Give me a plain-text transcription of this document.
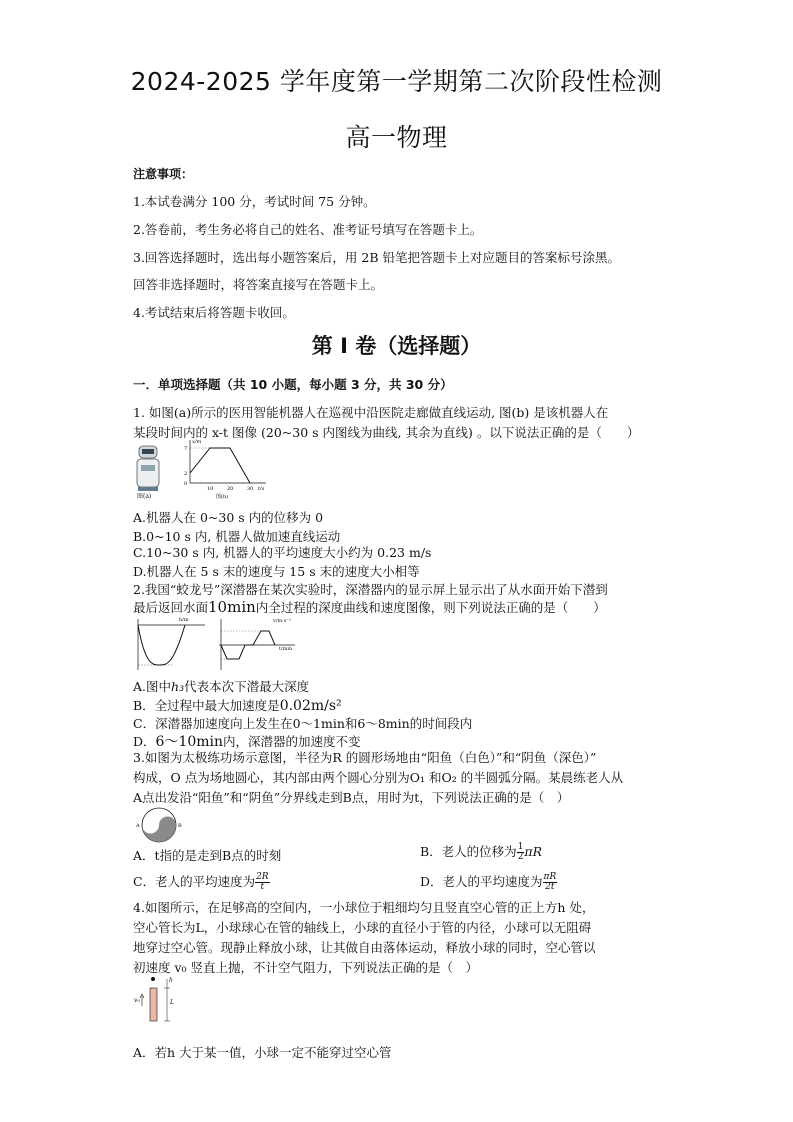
2024-2025 学年度第一学期第二次阶段性检测
高一物理
注意事项：
1.本试卷满分 100 分，考试时间 75 分钟。
2.答卷前，考生务必将自己的姓名、准考证号填写在答题卡上。
3.回答选择题时，选出每小题答案后，用 2B 铅笔把答题卡上对应题目的答案标号涂黑。
回答非选择题时，将答案直接写在答题卡上。
4.考试结束后将答题卡收回。
第 Ⅰ 卷（选择题）
一．单项选择题（共 10 小题，每小题 3 分，共 30 分）
1. 如图(a)所示的医用智能机器人在巡视中沿医院走廊做直线运动, 图(b) 是该机器人在
某段时间内的 x-t 图像 (20~30 s 内图线为曲线, 其余为直线) 。以下说法正确的是（　　）
图(a)
7
2
0
10	20	30
x/m
t/s
图(b)
A.机器人在 0~30 s 内的位移为 0
B.0~10 s 内, 机器人做加速直线运动
C.10~30 s 内, 机器人的平均速度大小约为 0.23 m/s
D.机器人在 5 s 末的速度与 15 s 末的速度大小相等
2.我国“蛟龙号”深潜器在某次实验时，深潜器内的显示屏上显示出了从水面开始下潜到
最后返回水面10min内全过程的深度曲线和速度图像，则下列说法正确的是（　　）
h/m	v/m·s⁻¹
t/min
A.图中h₃代表本次下潜最大深度
B．全过程中最大加速度是0.02m/s²
C．深潜器加速度向上发生在0～1min和6～8min的时间段内
D．6～10min内，深潜器的加速度不变
3.如图为太极练功场示意图，半径为R 的圆形场地由“阳鱼（白色）”和“阴鱼（深色）”
构成，O 点为场地圆心，其内部由两个圆心分别为O₁ 和O₂ 的半圆弧分隔。某晨练老人从
A点出发沿“阳鱼”和“阴鱼”分界线走到B点，用时为t，下列说法正确的是（　）
A	B
A．t指的是走到B点的时刻	B．老人的位移为 $\frac{1}{2}$ πR
C．老人的平均速度为 $\frac{2R}{t}$	D．老人的平均速度为 $\frac{\pi R}{2t}$
4.如图所示，在足够高的空间内，一小球位于粗细均匀且竖直空心管的正上方h 处，
空心管长为L，小球球心在管的轴线上，小球的直径小于管的内径，小球可以无阻碍
地穿过空心管。现静止释放小球，让其做自由落体运动，释放小球的同时，空心管以
初速度 v₀ 竖直上抛，不计空气阻力，下列说法正确的是（　）
h
L
v₀
A．若h 大于某一值，小球一定不能穿过空心管
